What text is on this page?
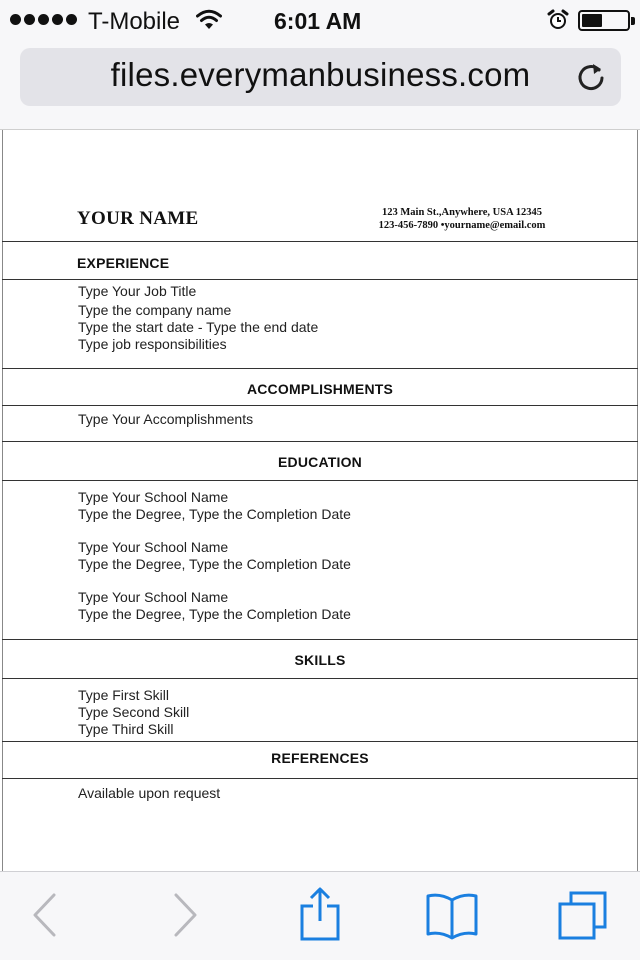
T-Mobile	6:01 AM
files.everymanbusiness.com
YOUR NAME	123 Main St.,Anywhere, USA 12345
123-456-7890 •yourname@email.com
EXPERIENCE
Type Your Job Title
Type the company name
Type the start date - Type the end date
Type job responsibilities
ACCOMPLISHMENTS
Type Your Accomplishments
EDUCATION
Type Your School Name
Type the Degree, Type the Completion Date
Type Your School Name
Type the Degree, Type the Completion Date
Type Your School Name
Type the Degree, Type the Completion Date
SKILLS
Type First Skill
Type Second Skill
Type Third Skill
REFERENCES
Available upon request
